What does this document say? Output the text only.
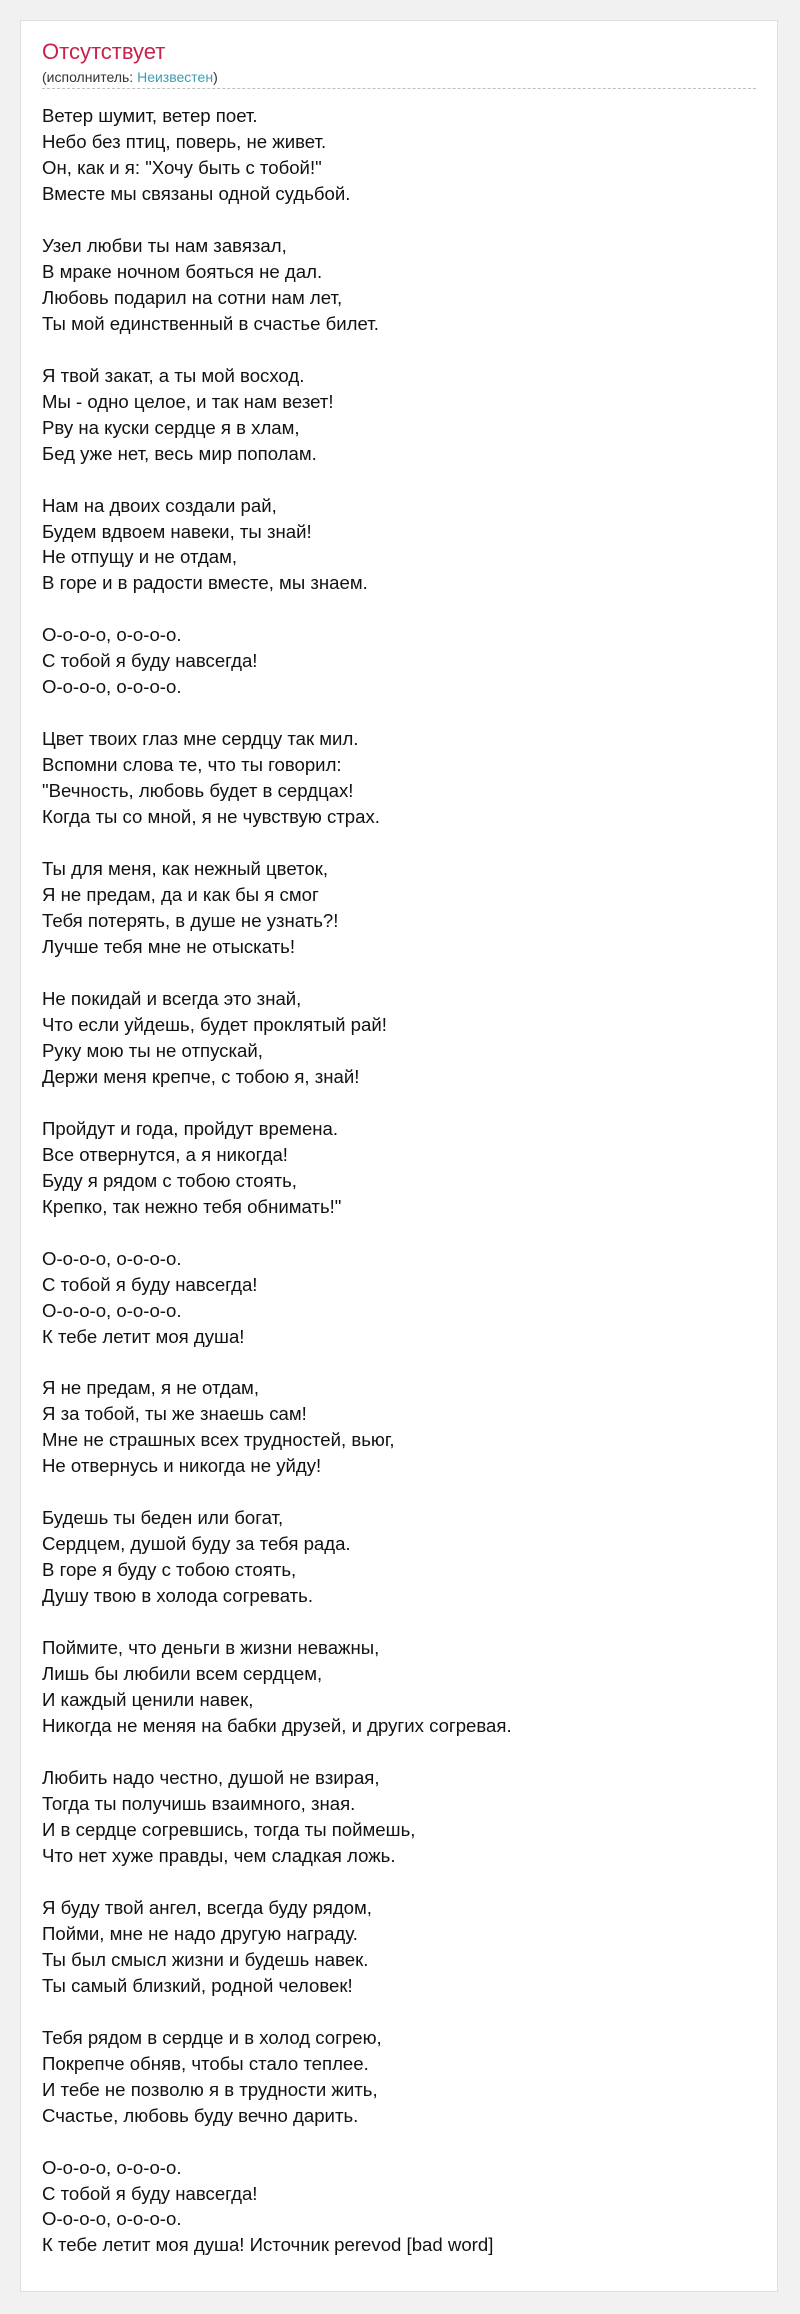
Отсутствует
(исполнитель: Неизвестен)
Ветер шумит, ветер поет.
Небо без птиц, поверь, не живет.
Он, как и я: "Хочу быть с тобой!"
Вместе мы связаны одной судьбой.
Узел любви ты нам завязал,
В мраке ночном бояться не дал.
Любовь подарил на сотни нам лет,
Ты мой единственный в счастье билет.
Я твой закат, а ты мой восход.
Мы - одно целое, и так нам везет!
Рву на куски сердце я в хлам,
Бед уже нет, весь мир пополам.
Нам на двоих создали рай,
Будем вдвоем навеки, ты знай!
Не отпущу и не отдам,
В горе и в радости вместе, мы знаем.
О-о-о-о, о-о-о-о.
С тобой я буду навсегда!
О-о-о-о, о-о-о-о.
Цвет твоих глаз мне сердцу так мил.
Вспомни слова те, что ты говорил:
"Вечность, любовь будет в сердцах!
Когда ты со мной, я не чувствую страх.
Ты для меня, как нежный цветок,
Я не предам, да и как бы я смог
Тебя потерять, в душе не узнать?!
Лучше тебя мне не отыскать!
Не покидай и всегда это знай,
Что если уйдешь, будет проклятый рай!
Руку мою ты не отпускай,
Держи меня крепче, с тобою я, знай!
Пройдут и года, пройдут времена.
Все отвернутся, а я никогда!
Буду я рядом с тобою стоять,
Крепко, так нежно тебя обнимать!"
О-о-о-о, о-о-о-о.
С тобой я буду навсегда!
О-о-о-о, о-о-о-о.
К тебе летит моя душа!
Я не предам, я не отдам,
Я за тобой, ты же знаешь сам!
Мне не страшных всех трудностей, вьюг,
Не отвернусь и никогда не уйду!
Будешь ты беден или богат,
Сердцем, душой буду за тебя рада.
В горе я буду с тобою стоять,
Душу твою в холода согревать.
Поймите, что деньги в жизни неважны,
Лишь бы любили всем сердцем,
И каждый ценили навек,
Никогда не меняя на бабки друзей, и других согревая.
Любить надо честно, душой не взирая,
Тогда ты получишь взаимного, зная.
И в сердце согревшись, тогда ты поймешь,
Что нет хуже правды, чем сладкая ложь.
Я буду твой ангел, всегда буду рядом,
Пойми, мне не надо другую награду.
Ты был смысл жизни и будешь навек.
Ты самый близкий, родной человек!
Тебя рядом в сердце и в холод согрею,
Покрепче обняв, чтобы стало теплее.
И тебе не позволю я в трудности жить,
Счастье, любовь буду вечно дарить.
О-о-о-о, о-о-о-о.
С тобой я буду навсегда!
О-о-о-о, о-о-о-о.
К тебе летит моя душа! Источник perevod [bad word]
